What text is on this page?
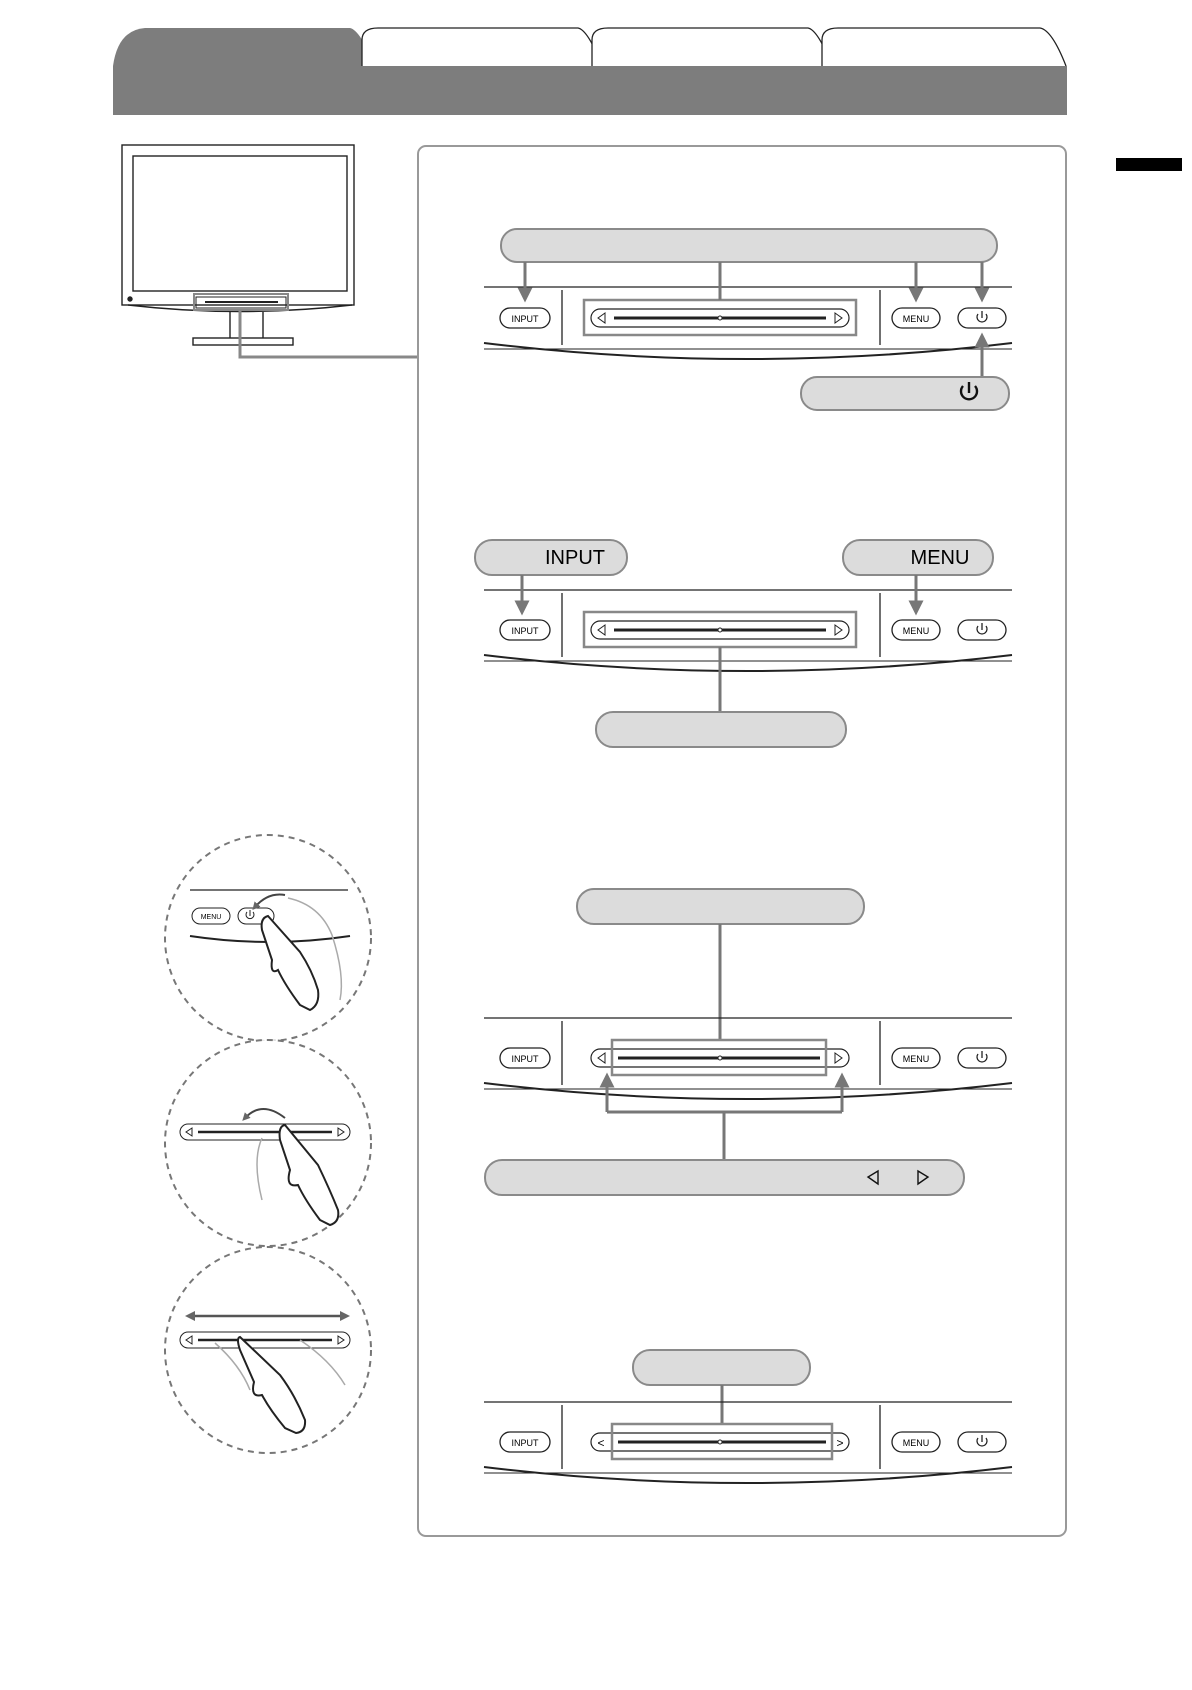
INPUT	MENU
INPUT	MENU
INPUT	MENU
INPUT	MENU
INPUT	<	>	MENU
MENU
